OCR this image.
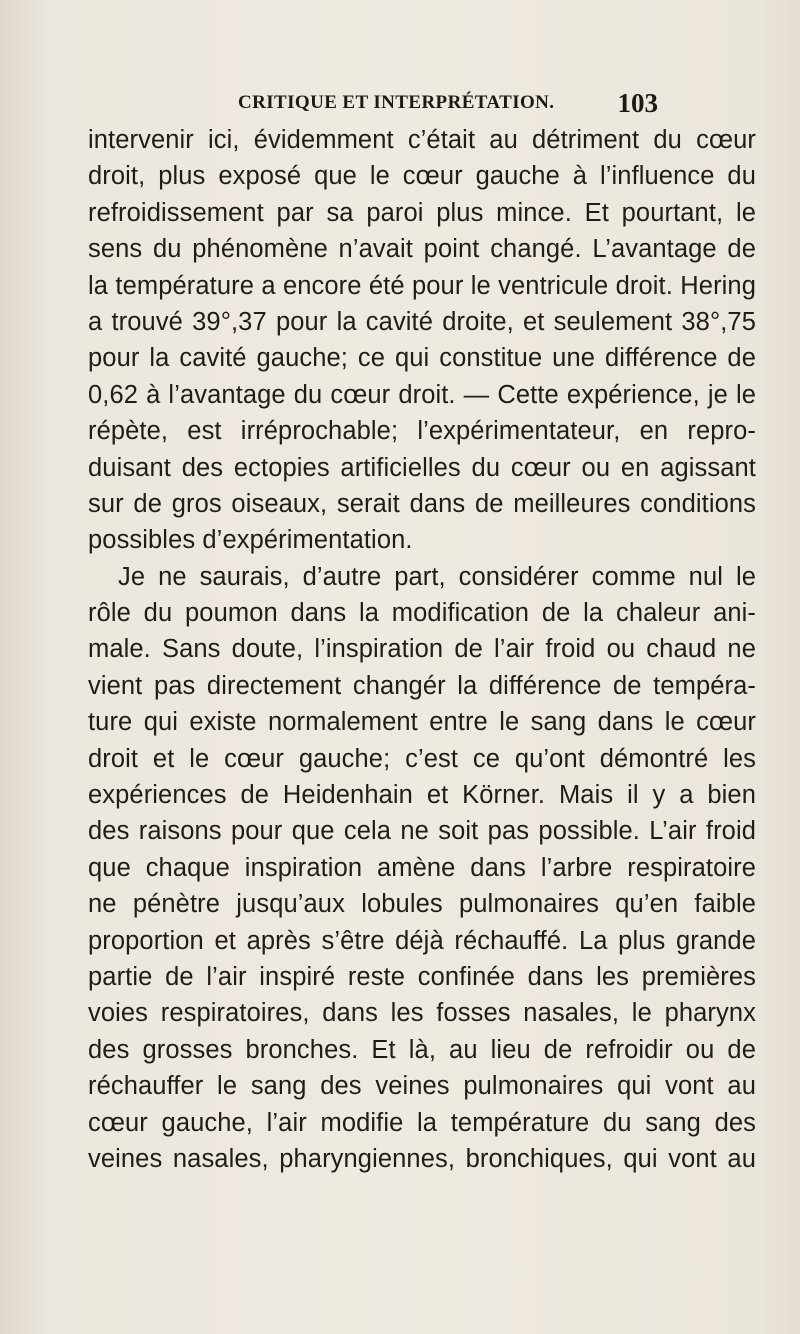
CRITIQUE ET INTERPRÉTATION. 103
intervenir ici, évidemment c’était au détriment du cœur
droit, plus exposé que le cœur gauche à l’influence du
refroidissement par sa paroi plus mince. Et pourtant, le
sens du phénomène n’avait point changé. L’avantage de
la température a encore été pour le ventricule droit. Hering
a trouvé 39°,37 pour la cavité droite, et seulement 38°,75
pour la cavité gauche; ce qui constitue une différence de
0,62 à l’avantage du cœur droit. — Cette expérience, je le
répète, est irréprochable; l’expérimentateur, en repro-
duisant des ectopies artificielles du cœur ou en agissant
sur de gros oiseaux, serait dans de meilleures conditions
possibles d’expérimentation.
Je ne saurais, d’autre part, considérer comme nul le
rôle du poumon dans la modification de la chaleur ani-
male. Sans doute, l’inspiration de l’air froid ou chaud ne
vient pas directement changér la différence de tempéra-
ture qui existe normalement entre le sang dans le cœur
droit et le cœur gauche; c’est ce qu’ont démontré les
expériences de Heidenhain et Körner. Mais il y a bien
des raisons pour que cela ne soit pas possible. L’air froid
que chaque inspiration amène dans l’arbre respiratoire
ne pénètre jusqu’aux lobules pulmonaires qu’en faible
proportion et après s’être déjà réchauffé. La plus grande
partie de l’air inspiré reste confinée dans les premières
voies respiratoires, dans les fosses nasales, le pharynx
des grosses bronches. Et là, au lieu de refroidir ou de
réchauffer le sang des veines pulmonaires qui vont au
cœur gauche, l’air modifie la température du sang des
veines nasales, pharyngiennes, bronchiques, qui vont au
